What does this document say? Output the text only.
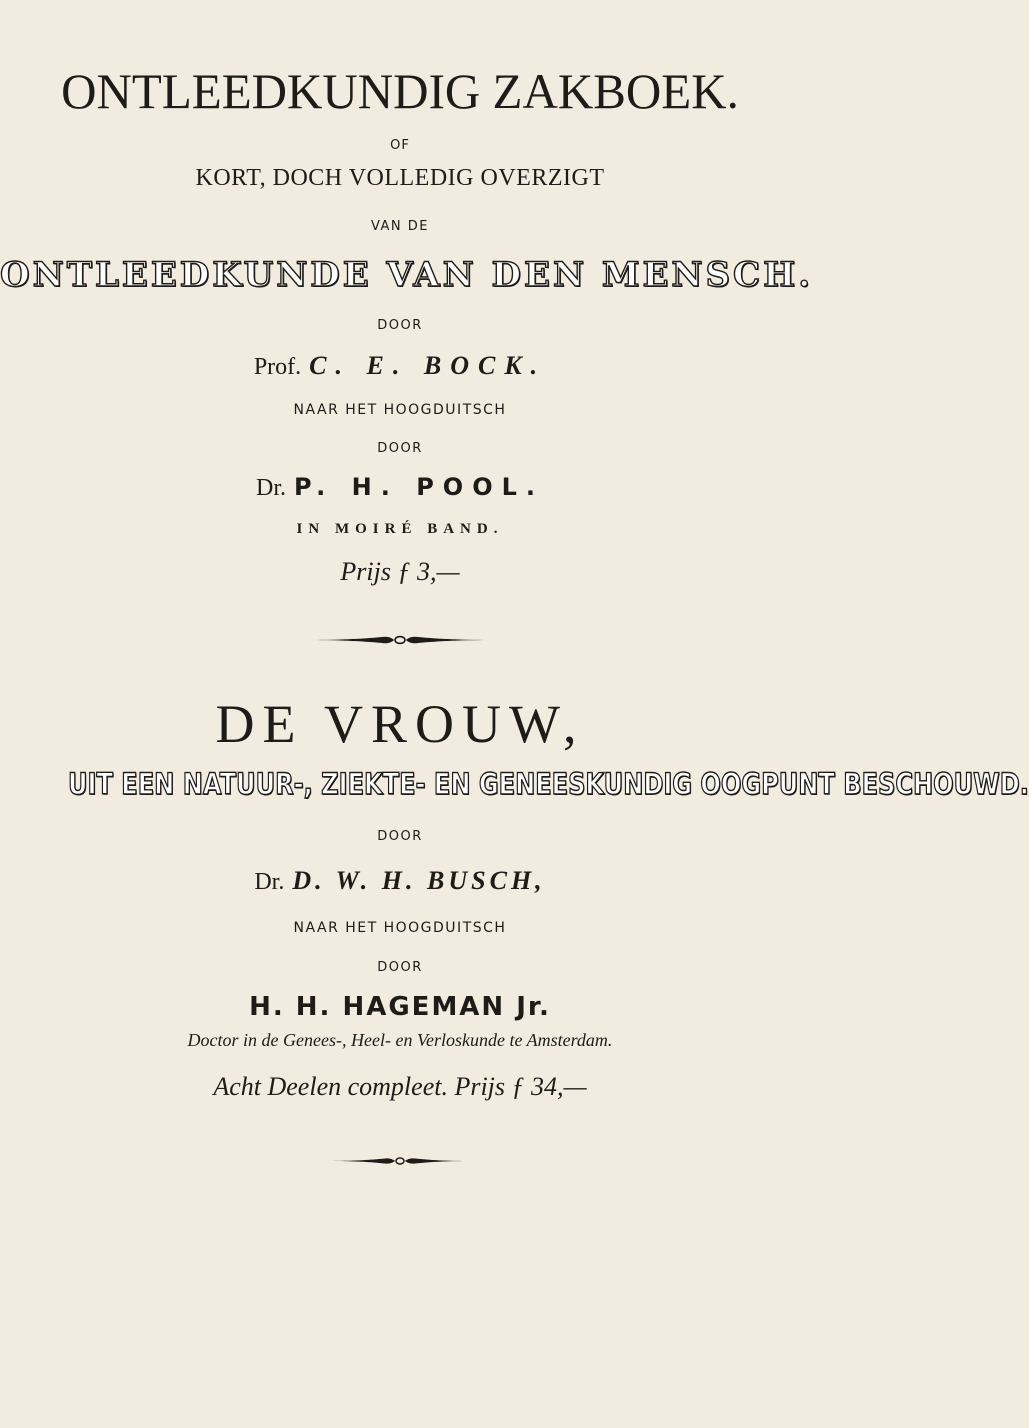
ONTLEEDKUNDIG ZAKBOEK.
OF
KORT, DOCH VOLLEDIG OVERZIGT
VAN DE
ONTLEEDKUNDE VAN DEN MENSCH.
DOOR
Prof. C. E. BOCK.
NAAR HET HOOGDUITSCH
DOOR
Dr. P. H. POOL.
IN MOIRÉ BAND.
Prijs ƒ 3,—
DE VROUW,
UIT EEN NATUUR-, ZIEKTE- EN GENEESKUNDIG OOGPUNT BESCHOUWD.
DOOR
Dr. D. W. H. BUSCH,
NAAR HET HOOGDUITSCH
DOOR
H. H. HAGEMAN Jr.
Doctor in de Genees-, Heel- en Verloskunde te Amsterdam.
Acht Deelen compleet. Prijs ƒ 34,—
